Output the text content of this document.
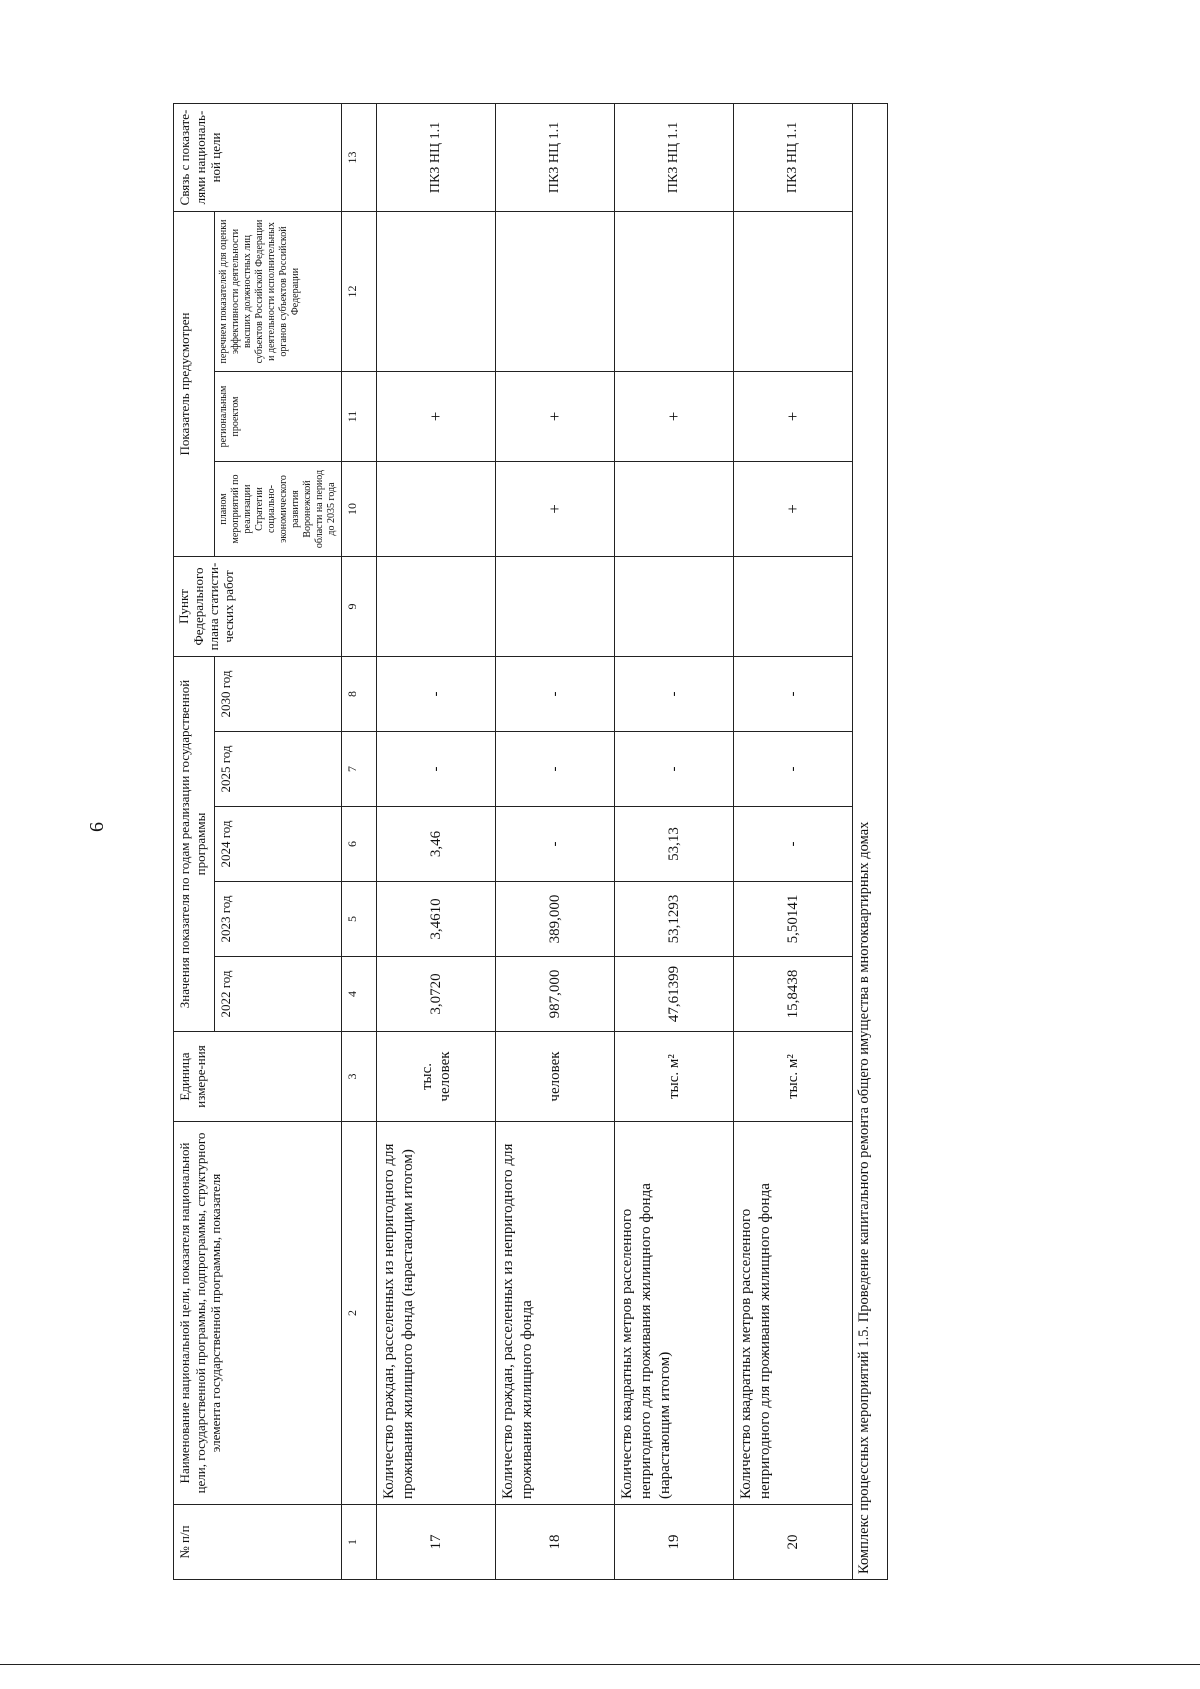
6
№ п/п	Наименование национальной цели, показателя национальной цели, государственной программы, подпрограммы, структурного элемента государственной программы, показателя	Единица измере-ния	Значения показателя по годам реализации государственной программы					Пункт Федерального плана статисти-ческих работ	Показатель предусмотрен			Связь с показате-лями националь-ной цели
			2022 год	2023 год	2024 год	2025 год	2030 год		планом мероприятий по реализации Стратегии социально-экономического развития Воронежской области на период до 2035 года	региональным проектом	перечнем показателей для оценки эффективности деятельности высших должностных лиц субъектов Российской Федерации и деятельности исполнительных органов субъектов Российской Федерации	
1	2	3	4	5	6	7	8	9	10	11	12	13
17	Количество граждан, расселенных из непригодного для проживания жилищного фонда (нарастающим итогом)	тыс. человек	3,0720	3,4610	3,46	-	-			+		ПКЗ НЦ 1.1
18	Количество граждан, расселенных из непригодного для проживания жилищного фонда	человек	987,000	389,000	-	-	-		+	+		ПКЗ НЦ 1.1
19	Количество квадратных метров расселенного непригодного для проживания жилищного фонда (нарастающим итогом)	тыс. м²	47,61399	53,1293	53,13	-	-			+		ПКЗ НЦ 1.1
20	Количество квадратных метров расселенного непригодного для проживания жилищного фонда	тыс. м²	15,8438	5,50141	-	-	-		+	+		ПКЗ НЦ 1.1
Комплекс процессных мероприятий 1.5. Проведение капитального ремонта общего имущества в многоквартирных домах												
